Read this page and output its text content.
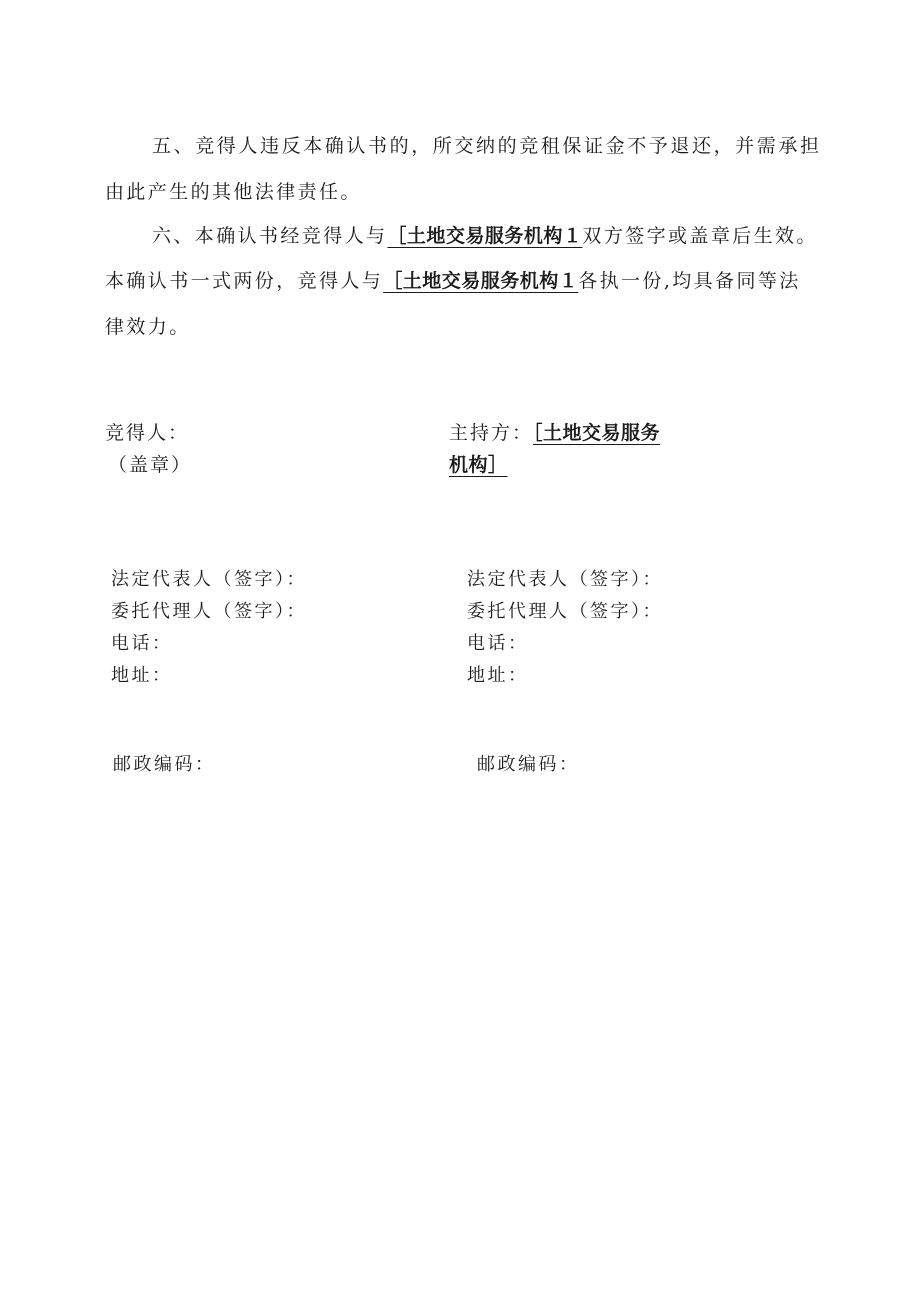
五、竞得人违反本确认书的，所交纳的竞租保证金不予退还，并需承担

由此产生的其他法律责任。

六、本确认书经竞得人与［土地交易服务机构１双方签字或盖章后生效。

本确认书一式两份，竞得人与［土地交易服务机构１各执一份,均具备同等法

律效力。

竞得人：

（盖章）

主持方：［土地交易服务

机构］

法定代表人（签字）：

委托代理人（签字）：

电话：

地址：

邮政编码：

法定代表人（签字）：

委托代理人（签字）：

电话：

地址：

邮政编码：
